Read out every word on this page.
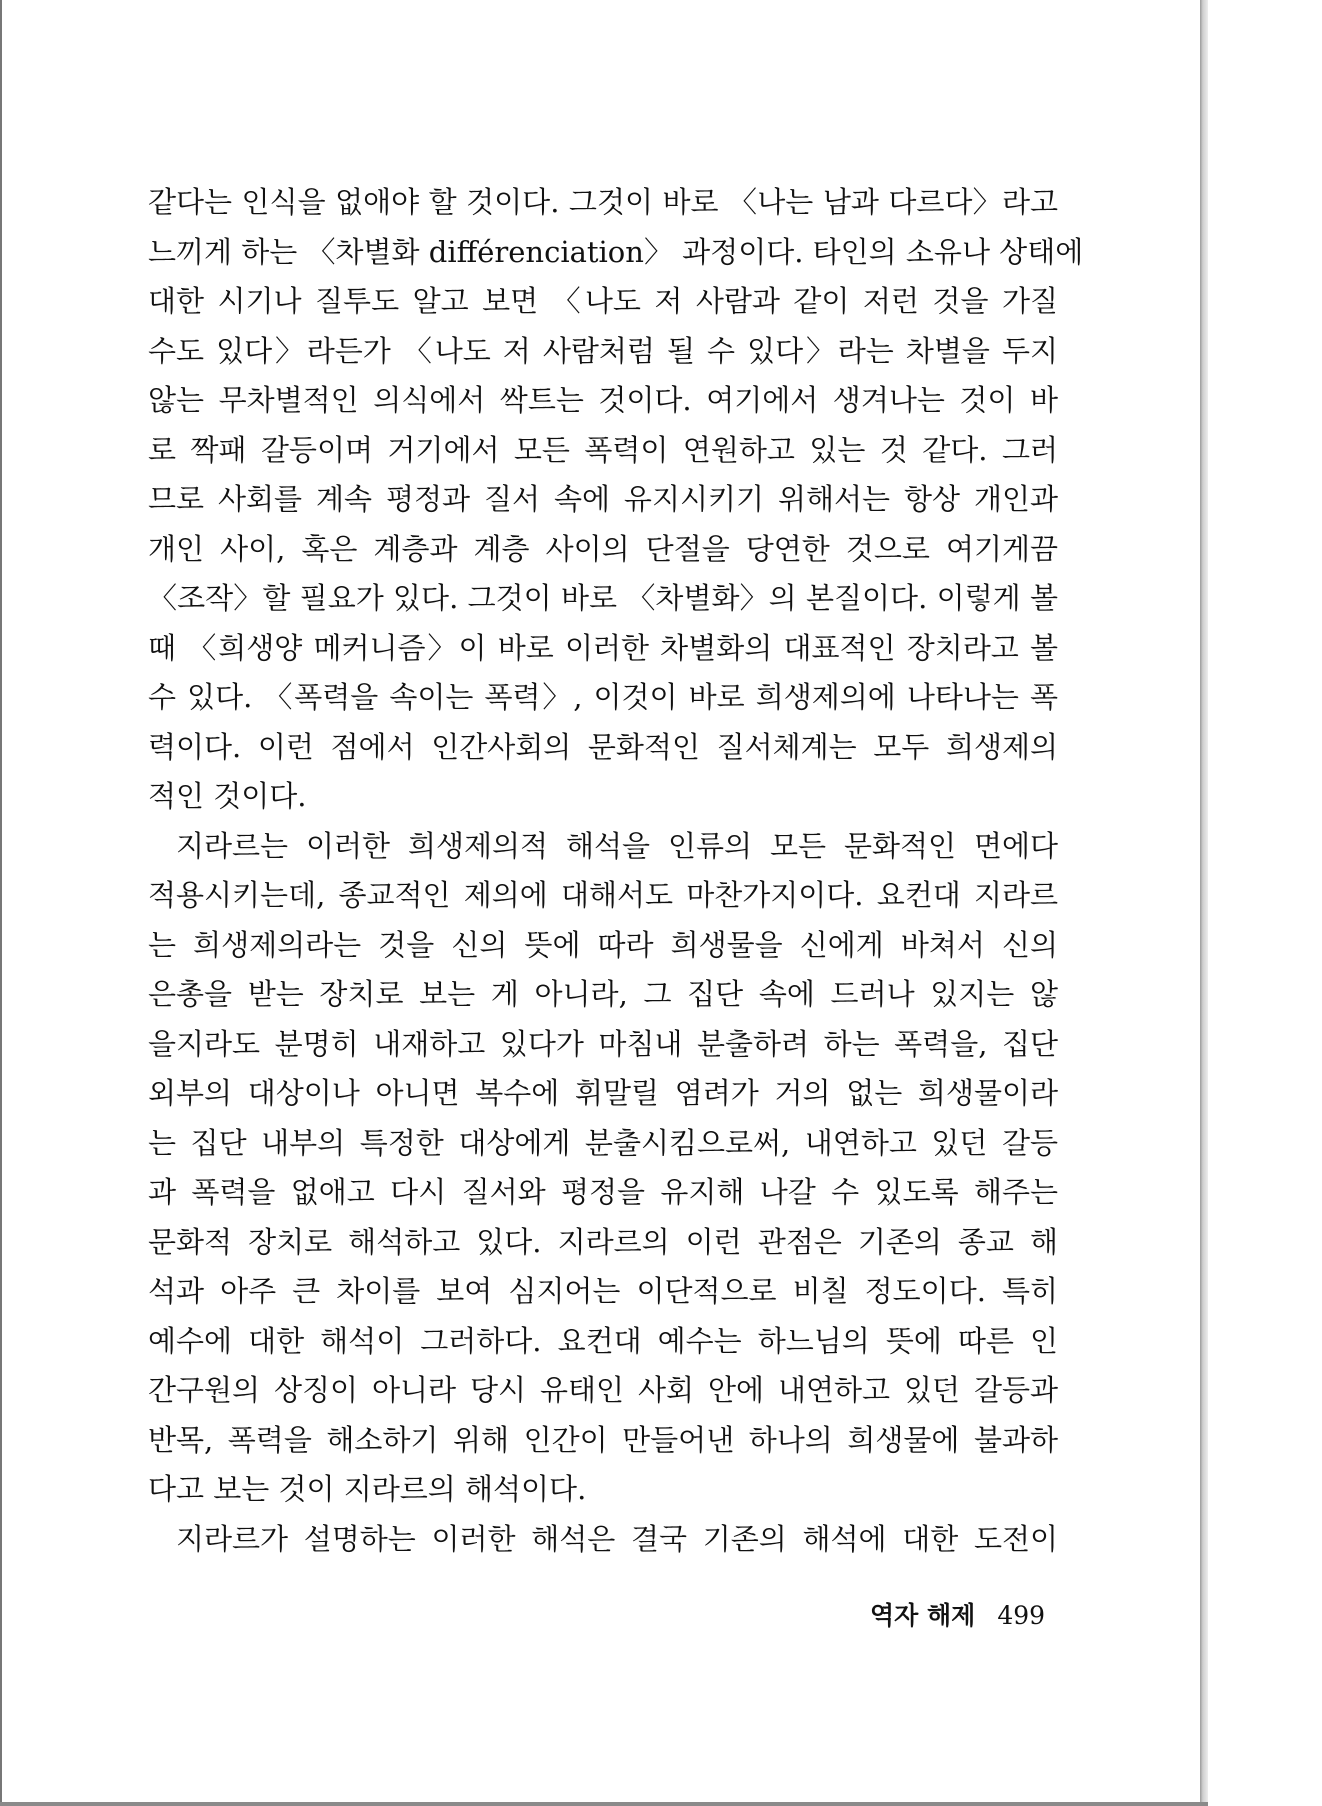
같다는 인식을 없애야 할 것이다. 그것이 바로 〈나는 남과 다르다〉라고
느끼게 하는 〈차별화 différenciation〉 과정이다. 타인의 소유나 상태에
대한 시기나 질투도 알고 보면 〈나도 저 사람과 같이 저런 것을 가질
수도 있다〉라든가 〈나도 저 사람처럼 될 수 있다〉라는 차별을 두지
않는 무차별적인 의식에서 싹트는 것이다. 여기에서 생겨나는 것이 바
로 짝패 갈등이며 거기에서 모든 폭력이 연원하고 있는 것 같다. 그러
므로 사회를 계속 평정과 질서 속에 유지시키기 위해서는 항상 개인과
개인 사이, 혹은 계층과 계층 사이의 단절을 당연한 것으로 여기게끔
〈조작〉할 필요가 있다. 그것이 바로 〈차별화〉의 본질이다. 이렇게 볼
때 〈희생양 메커니즘〉이 바로 이러한 차별화의 대표적인 장치라고 볼
수 있다. 〈폭력을 속이는 폭력〉, 이것이 바로 희생제의에 나타나는 폭
력이다. 이런 점에서 인간사회의 문화적인 질서체계는 모두 희생제의
적인 것이다.
지라르는 이러한 희생제의적 해석을 인류의 모든 문화적인 면에다
적용시키는데, 종교적인 제의에 대해서도 마찬가지이다. 요컨대 지라르
는 희생제의라는 것을 신의 뜻에 따라 희생물을 신에게 바쳐서 신의
은총을 받는 장치로 보는 게 아니라, 그 집단 속에 드러나 있지는 않
을지라도 분명히 내재하고 있다가 마침내 분출하려 하는 폭력을, 집단
외부의 대상이나 아니면 복수에 휘말릴 염려가 거의 없는 희생물이라
는 집단 내부의 특정한 대상에게 분출시킴으로써, 내연하고 있던 갈등
과 폭력을 없애고 다시 질서와 평정을 유지해 나갈 수 있도록 해주는
문화적 장치로 해석하고 있다. 지라르의 이런 관점은 기존의 종교 해
석과 아주 큰 차이를 보여 심지어는 이단적으로 비칠 정도이다. 특히
예수에 대한 해석이 그러하다. 요컨대 예수는 하느님의 뜻에 따른 인
간구원의 상징이 아니라 당시 유태인 사회 안에 내연하고 있던 갈등과
반목, 폭력을 해소하기 위해 인간이 만들어낸 하나의 희생물에 불과하
다고 보는 것이 지라르의 해석이다.
지라르가 설명하는 이러한 해석은 결국 기존의 해석에 대한 도전이
역자 해제 499
